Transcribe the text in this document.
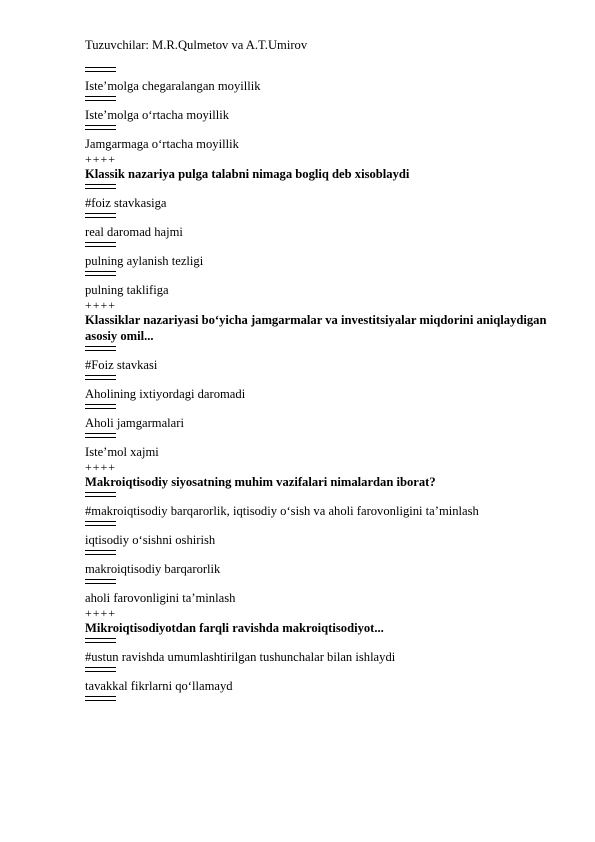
Tuzuvchilar: M.R.Qulmetov va A.T.Umirov
Iste’molga chegaralangan moyillik
Iste’molga o‘rtacha moyillik
Jamgarmaga o‘rtacha moyillik
++++
Klassik nazariya pulga talabni nimaga bogliq deb xisoblaydi
#foiz stavkasiga
real daromad hajmi
pulning aylanish tezligi
pulning taklifiga
++++
Klassiklar nazariyasi bo‘yicha jamgarmalar va investitsiyalar miqdorini aniqlaydigan asosiy omil...
#Foiz stavkasi
Aholining ixtiyordagi daromadi
Aholi jamgarmalari
Iste’mol xajmi
++++
Makroiqtisodiy siyosatning muhim vazifalari nimalardan iborat?
#makroiqtisodiy barqarorlik, iqtisodiy o‘sish va aholi farovonligini ta’minlash
iqtisodiy o‘sishni oshirish
makroiqtisodiy barqarorlik
aholi farovonligini ta’minlash
++++
Mikroiqtisodiyotdan farqli ravishda makroiqtisodiyot...
#ustun ravishda umumlashtirilgan tushunchalar bilan ishlaydi
tavakkal fikrlarni qo‘llamayd
